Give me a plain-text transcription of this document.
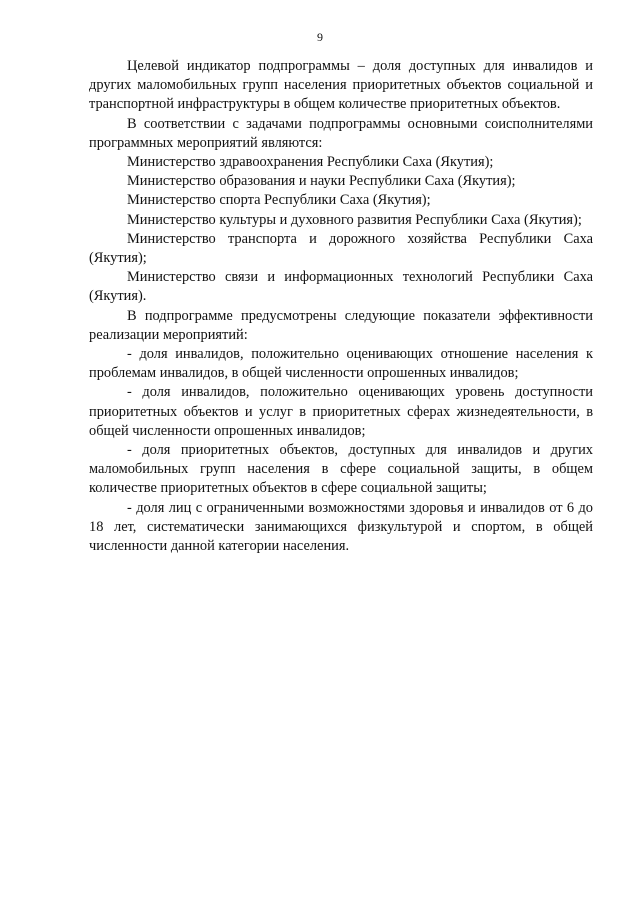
9

Целевой индикатор подпрограммы – доля доступных для инвалидов и других маломобильных групп населения приоритетных объектов социальной и транспортной инфраструктуры в общем количестве приоритетных объектов.

В соответствии с задачами подпрограммы основными соисполнителями программных мероприятий являются:

Министерство здравоохранения Республики Саха (Якутия);

Министерство образования и науки Республики Саха (Якутия);

Министерство спорта Республики Саха (Якутия);

Министерство культуры и духовного развития Республики Саха (Якутия);

Министерство транспорта и дорожного хозяйства Республики Саха (Якутия);

Министерство связи и информационных технологий Республики Саха (Якутия).

В подпрограмме предусмотрены следующие показатели эффективности реализации мероприятий:

- доля инвалидов, положительно оценивающих отношение населения к проблемам инвалидов, в общей численности опрошенных инвалидов;

- доля инвалидов, положительно оценивающих уровень доступности приоритетных объектов и услуг в приоритетных сферах жизнедеятельности, в общей численности опрошенных инвалидов;

- доля приоритетных объектов, доступных для инвалидов и других маломобильных групп населения в сфере социальной защиты, в общем количестве приоритетных объектов в сфере социальной защиты;

- доля лиц с ограниченными возможностями здоровья и инвалидов от 6 до 18 лет, систематически занимающихся физкультурой и спортом, в общей численности данной категории населения.
